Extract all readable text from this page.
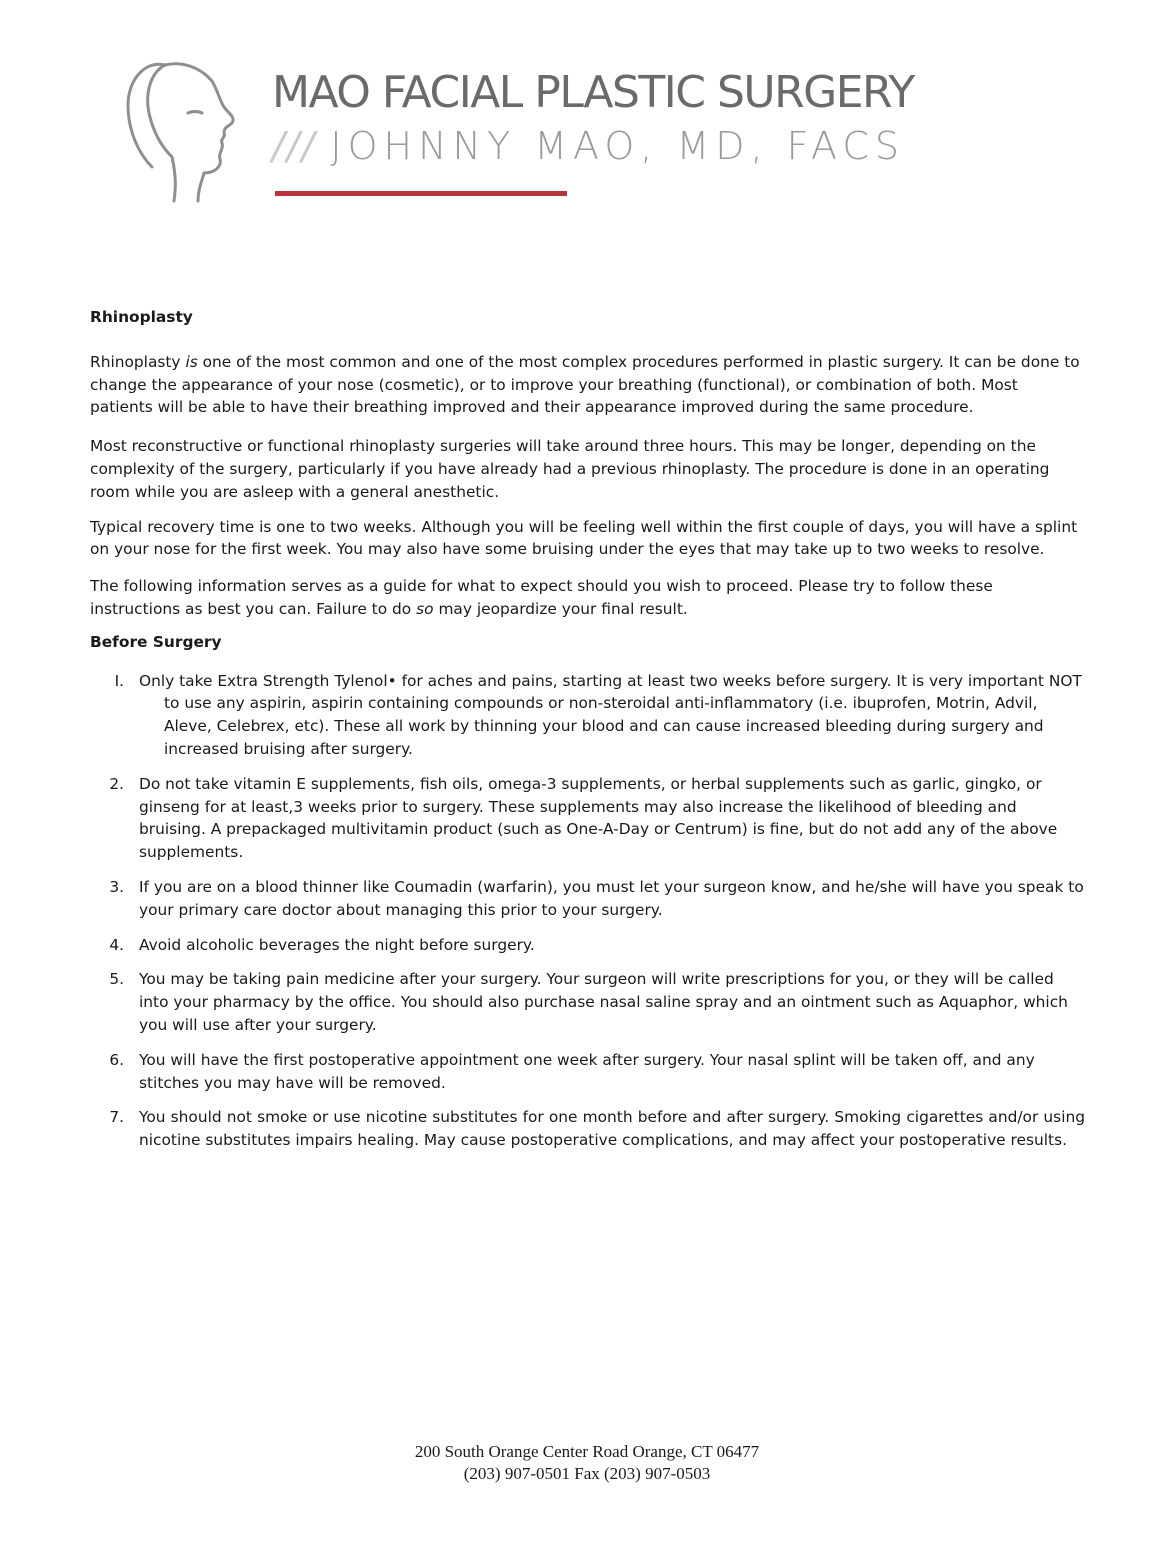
MAO FACIAL PLASTIC SURGERY
/// JOHNNY MAO, MD, FACS

Rhinoplasty

Rhinoplasty is one of the most common and one of the most complex procedures performed in plastic surgery. It can be done to change the appearance of your nose (cosmetic), or to improve your breathing (functional), or combination of both. Most patients will be able to have their breathing improved and their appearance improved during the same procedure.

Most reconstructive or functional rhinoplasty surgeries will take around three hours. This may be longer, depending on the complexity of the surgery, particularly if you have already had a previous rhinoplasty. The procedure is done in an operating room while you are asleep with a general anesthetic.

Typical recovery time is one to two weeks. Although you will be feeling well within the first couple of days, you will have a splint on your nose for the first week. You may also have some bruising under the eyes that may take up to two weeks to resolve.

The following information serves as a guide for what to expect should you wish to proceed. Please try to follow these instructions as best you can. Failure to do so may jeopardize your final result.

Before Surgery

I. Only take Extra Strength Tylenol• for aches and pains, starting at least two weeks before surgery. It is very important NOT to use any aspirin, aspirin containing compounds or non-steroidal anti-inflammatory (i.e. ibuprofen, Motrin, Advil, Aleve, Celebrex, etc). These all work by thinning your blood and can cause increased bleeding during surgery and increased bruising after surgery.
2. Do not take vitamin E supplements, fish oils, omega-3 supplements, or herbal supplements such as garlic, gingko, or ginseng for at least,3 weeks prior to surgery. These supplements may also increase the likelihood of bleeding and bruising. A prepackaged multivitamin product (such as One-A-Day or Centrum) is fine, but do not add any of the above supplements.
3. If you are on a blood thinner like Coumadin (warfarin), you must let your surgeon know, and he/she will have you speak to your primary care doctor about managing this prior to your surgery.
4. Avoid alcoholic beverages the night before surgery.
5. You may be taking pain medicine after your surgery. Your surgeon will write prescriptions for you, or they will be called into your pharmacy by the office. You should also purchase nasal saline spray and an ointment such as Aquaphor, which you will use after your surgery.
6. You will have the first postoperative appointment one week after surgery. Your nasal splint will be taken off, and any stitches you may have will be removed.
7. You should not smoke or use nicotine substitutes for one month before and after surgery. Smoking cigarettes and/or using nicotine substitutes impairs healing. May cause postoperative complications, and may affect your postoperative results.
200 South Orange Center Road Orange, CT 06477
(203) 907-0501 Fax (203) 907-0503
